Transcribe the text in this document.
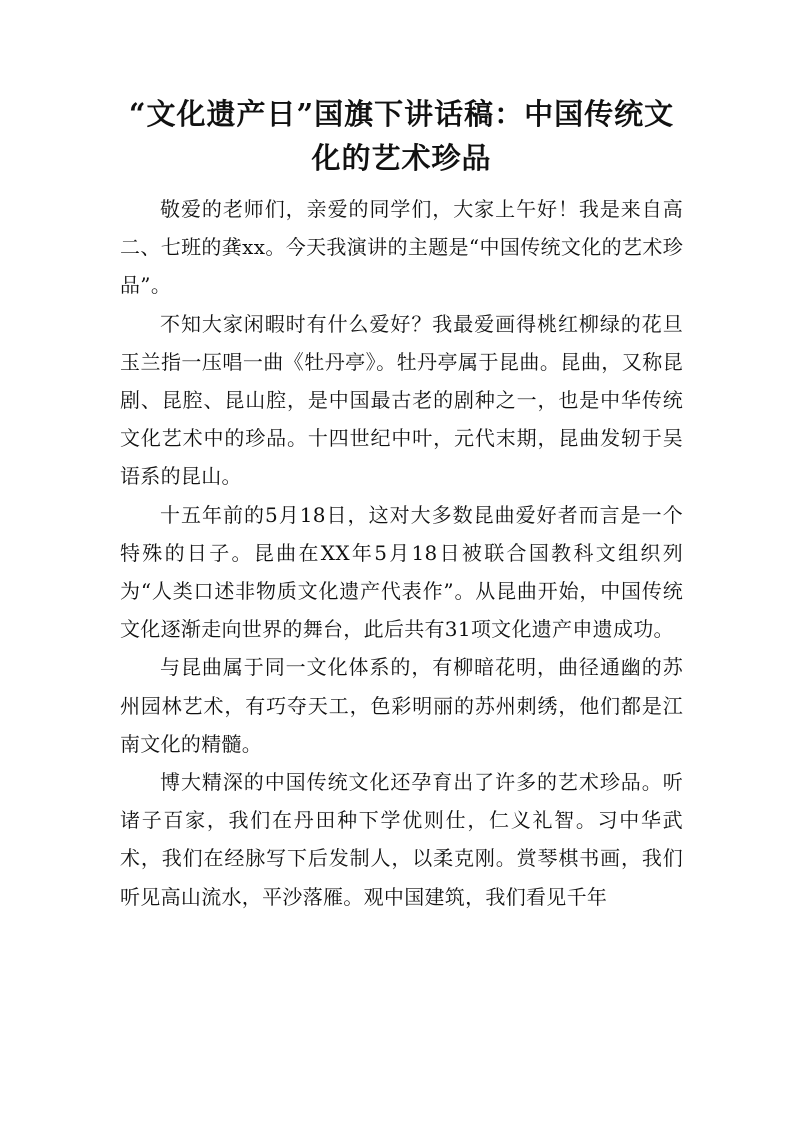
“文化遗产日”国旗下讲话稿：中国传统文化的艺术珍品

敬爱的老师们，亲爱的同学们，大家上午好！我是来自高二、七班的龚xx。今天我演讲的主题是“中国传统文化的艺术珍品”。

不知大家闲暇时有什么爱好？我最爱画得桃红柳绿的花旦玉兰指一压唱一曲《牡丹亭》。牡丹亭属于昆曲。昆曲，又称昆剧、昆腔、昆山腔，是中国最古老的剧种之一，也是中华传统文化艺术中的珍品。十四世纪中叶，元代末期，昆曲发轫于吴语系的昆山。

十五年前的5月18日，这对大多数昆曲爱好者而言是一个特殊的日子。昆曲在XX年5月18日被联合国教科文组织列为“人类口述非物质文化遗产代表作”。从昆曲开始，中国传统文化逐渐走向世界的舞台，此后共有31项文化遗产申遗成功。

与昆曲属于同一文化体系的，有柳暗花明，曲径通幽的苏州园林艺术，有巧夺天工，色彩明丽的苏州刺绣，他们都是江南文化的精髓。

博大精深的中国传统文化还孕育出了许多的艺术珍品。听诸子百家，我们在丹田种下学优则仕，仁义礼智。习中华武术，我们在经脉写下后发制人，以柔克刚。赏琴棋书画，我们听见高山流水，平沙落雁。观中国建筑，我们看见千年
